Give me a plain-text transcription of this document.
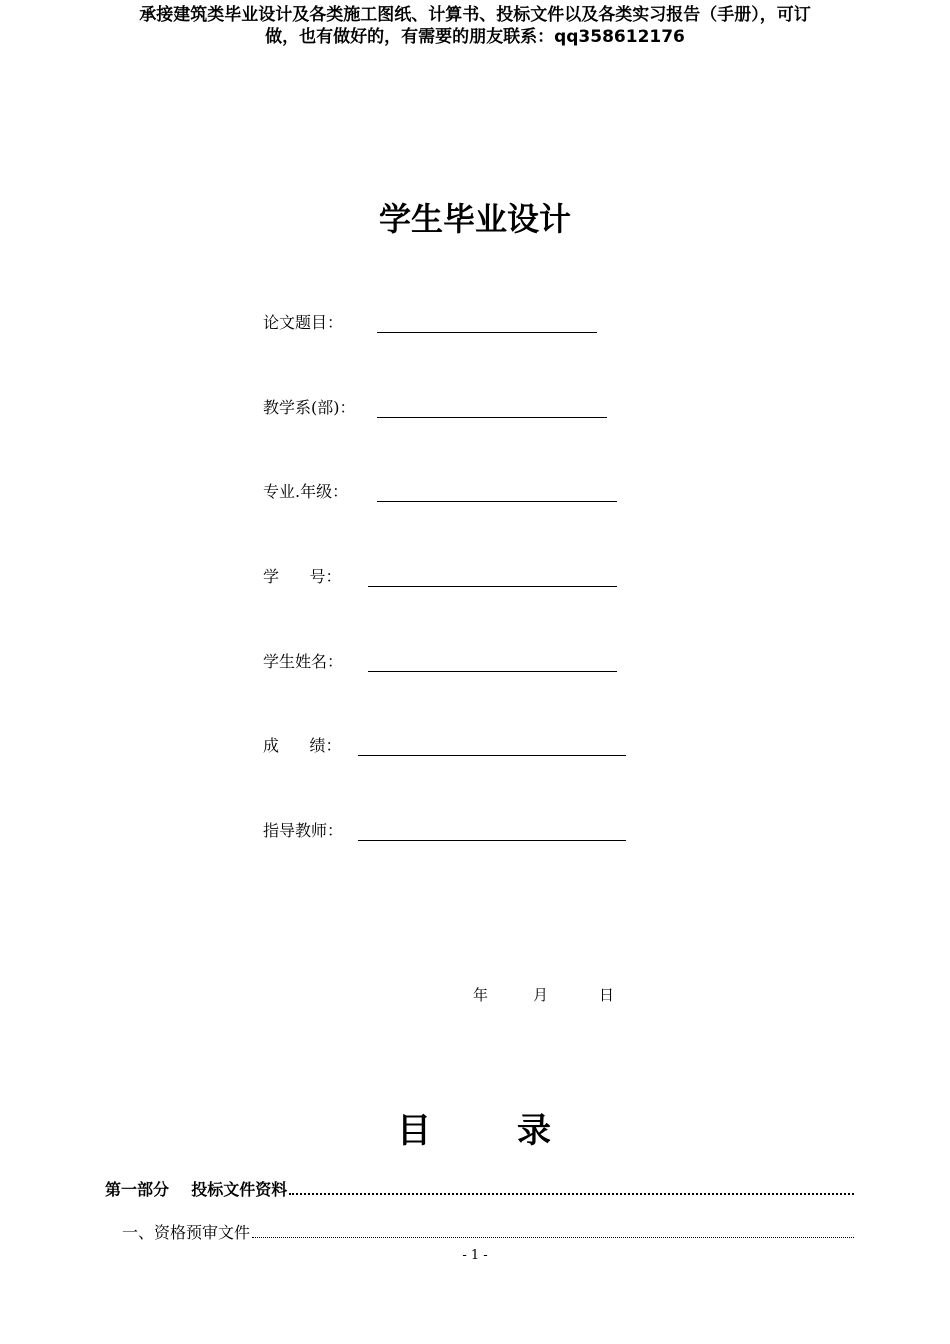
承接建筑类毕业设计及各类施工图纸、计算书、投标文件以及各类实习报告（手册），可订
做，也有做好的，有需要的朋友联系：qq358612176
学生毕业设计
论文题目：
教学系(部)：
专业.年级：
学      号：
学生姓名：
成      绩：
指导教师：
年	月	日
目 录
第一部分    投标文件资料
一、资格预审文件
- 1 -
